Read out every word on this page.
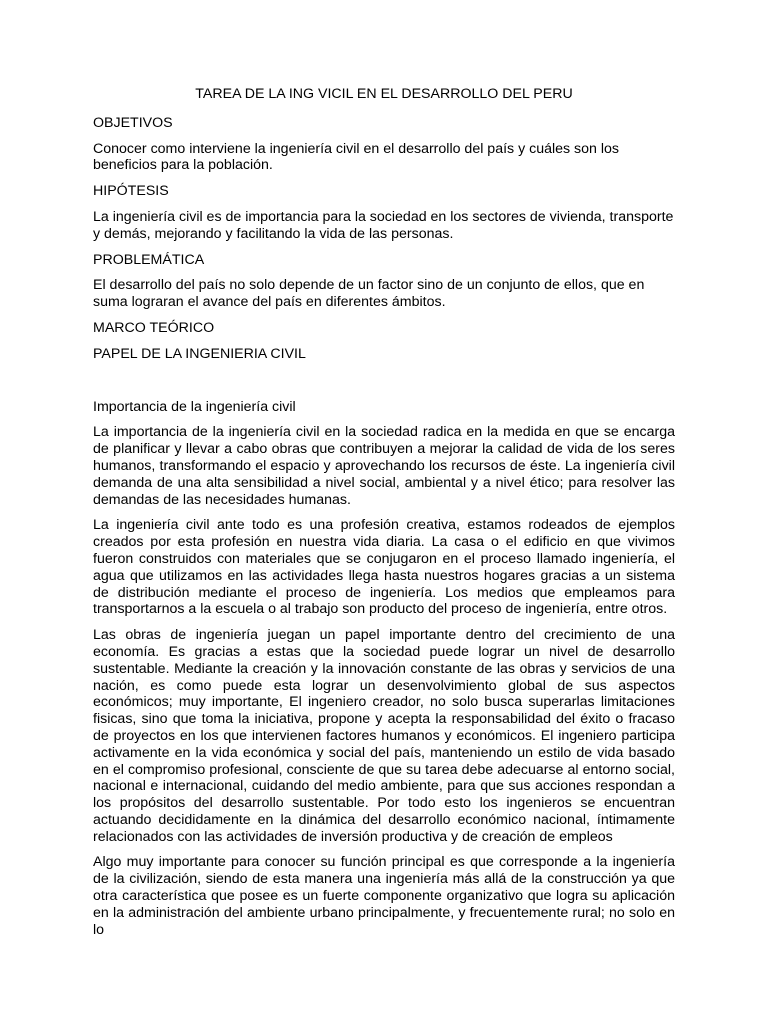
TAREA DE LA ING VICIL EN EL DESARROLLO DEL PERU
OBJETIVOS
Conocer como interviene la ingeniería civil en el desarrollo del país y cuáles son los beneficios para la población.
HIPÓTESIS
La ingeniería civil es de importancia para la sociedad en los sectores de vivienda, transporte y demás, mejorando y facilitando la vida de las personas.
PROBLEMÁTICA
El desarrollo del país no solo depende de un factor sino de un conjunto de ellos, que en suma lograran el avance del país en diferentes ámbitos.
MARCO TEÓRICO
PAPEL DE LA INGENIERIA CIVIL
Importancia de la ingeniería civil
La importancia de la ingeniería civil en la sociedad radica en la medida en que se encarga de planificar y llevar a cabo obras que contribuyen a mejorar la calidad de vida de los seres humanos, transformando el espacio y aprovechando los recursos de éste. La ingeniería civil demanda de una alta sensibilidad a nivel social, ambiental y a nivel ético; para resolver las demandas de las necesidades humanas.
La ingeniería civil ante todo es una profesión creativa, estamos rodeados de ejemplos creados por esta profesión en nuestra vida diaria. La casa o el edificio en que vivimos fueron construidos con materiales que se conjugaron en el proceso llamado ingeniería, el agua que utilizamos en las actividades llega hasta nuestros hogares gracias a un sistema de distribución mediante el proceso de ingeniería. Los medios que empleamos para transportarnos a la escuela o al trabajo son producto del proceso de ingeniería, entre otros.
Las obras de ingeniería juegan un papel importante dentro del crecimiento de una economía. Es gracias a estas que la sociedad puede lograr un nivel de desarrollo sustentable. Mediante la creación y la innovación constante de las obras y servicios de una nación, es como puede esta lograr un desenvolvimiento global de sus aspectos económicos; muy importante, El ingeniero creador, no solo busca superarlas limitaciones fisicas, sino que toma la iniciativa, propone y acepta la responsabilidad del éxito o fracaso de proyectos en los que intervienen factores humanos y económicos. El ingeniero participa activamente en la vida económica y social del país, manteniendo un estilo de vida basado en el compromiso profesional, consciente de que su tarea debe adecuarse al entorno social, nacional e internacional, cuidando del medio ambiente, para que sus acciones respondan a los propósitos del desarrollo sustentable. Por todo esto los ingenieros se encuentran actuando decididamente en la dinámica del desarrollo económico nacional, íntimamente relacionados con las actividades de inversión productiva y de creación de empleos
Algo muy importante para conocer su función principal es que corresponde a la ingeniería de la civilización, siendo de esta manera una ingeniería más allá de la construcción ya que otra característica que posee es un fuerte componente organizativo que logra su aplicación en la administración del ambiente urbano principalmente, y frecuentemente rural; no solo en lo
